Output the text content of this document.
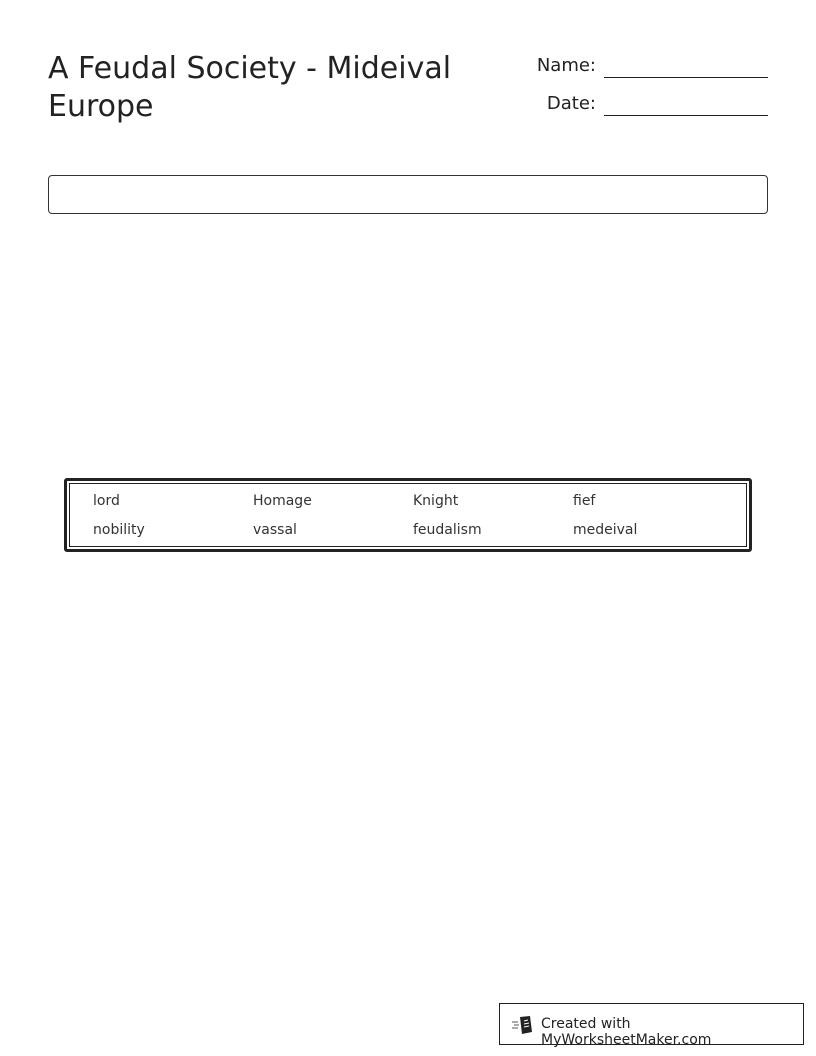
A Feudal Society - Mideival Europe
Name:
Date:
lord	Homage	Knight	fief
nobility	vassal	feudalism	medeival
Created with MyWorksheetMaker.com
